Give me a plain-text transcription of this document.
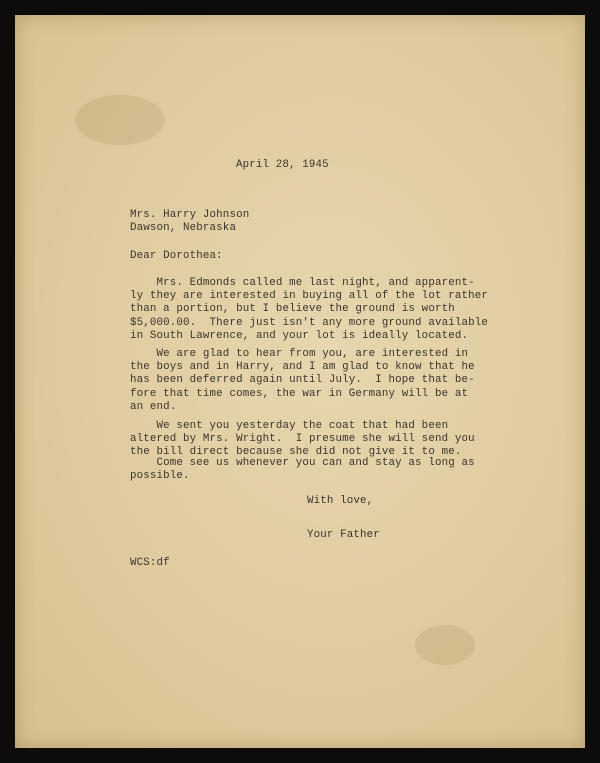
April 28, 1945

Mrs. Harry Johnson
Dawson, Nebraska

Dear Dorothea:

Mrs. Edmonds called me last night, and apparent-
ly they are interested in buying all of the lot rather
than a portion, but I believe the ground is worth
$5,000.00.  There just isn't any more ground available
in South Lawrence, and your lot is ideally located.

We are glad to hear from you, are interested in
the boys and in Harry, and I am glad to know that he
has been deferred again until July.  I hope that be-
fore that time comes, the war in Germany will be at
an end.

We sent you yesterday the coat that had been
altered by Mrs. Wright.  I presume she will send you
the bill direct because she did not give it to me.

Come see us whenever you can and stay as long as
possible.

With love,

Your Father

WCS:df
